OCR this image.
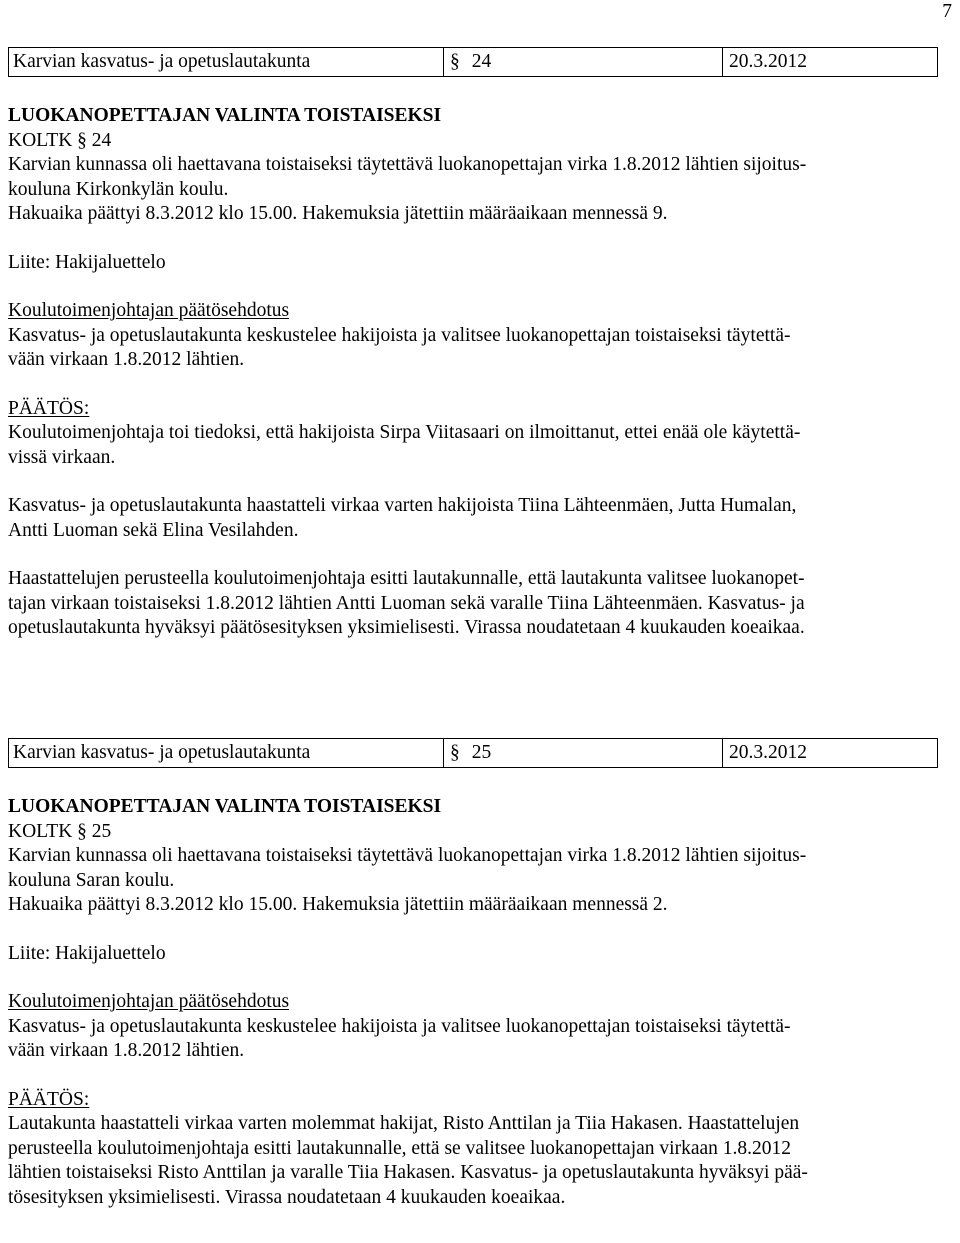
7
Karvian kasvatus- ja opetuslautakunta	§ 24	20.3.2012
LUOKANOPETTAJAN VALINTA TOISTAISEKSI
KOLTK § 24
Karvian kunnassa oli haettavana toistaiseksi täytettävä luokanopettajan virka 1.8.2012 lähtien sijoitus-
kouluna Kirkonkylän koulu.
Hakuaika päättyi 8.3.2012 klo 15.00. Hakemuksia jätettiin määräaikaan mennessä 9.
Liite: Hakijaluettelo
Koulutoimenjohtajan päätösehdotus
Kasvatus- ja opetuslautakunta keskustelee hakijoista ja valitsee luokanopettajan toistaiseksi täytettä-
vään virkaan 1.8.2012 lähtien.
PÄÄTÖS:
Koulutoimenjohtaja toi tiedoksi, että hakijoista Sirpa Viitasaari on ilmoittanut, ettei enää ole käytettä-
vissä virkaan.
Kasvatus- ja opetuslautakunta haastatteli virkaa varten hakijoista Tiina Lähteenmäen, Jutta Humalan,
Antti Luoman sekä Elina Vesilahden.
Haastattelujen perusteella koulutoimenjohtaja esitti lautakunnalle, että lautakunta valitsee luokanopet-
tajan virkaan toistaiseksi 1.8.2012 lähtien Antti Luoman sekä varalle Tiina Lähteenmäen. Kasvatus- ja
opetuslautakunta hyväksyi päätösesityksen yksimielisesti. Virassa noudatetaan 4 kuukauden koeaikaa.
Karvian kasvatus- ja opetuslautakunta	§ 25	20.3.2012
LUOKANOPETTAJAN VALINTA TOISTAISEKSI
KOLTK § 25
Karvian kunnassa oli haettavana toistaiseksi täytettävä luokanopettajan virka 1.8.2012 lähtien sijoitus-
kouluna Saran koulu.
Hakuaika päättyi 8.3.2012 klo 15.00. Hakemuksia jätettiin määräaikaan mennessä 2.
Liite: Hakijaluettelo
Koulutoimenjohtajan päätösehdotus
Kasvatus- ja opetuslautakunta keskustelee hakijoista ja valitsee luokanopettajan toistaiseksi täytettä-
vään virkaan 1.8.2012 lähtien.
PÄÄTÖS:
Lautakunta haastatteli virkaa varten molemmat hakijat, Risto Anttilan ja Tiia Hakasen. Haastattelujen
perusteella koulutoimenjohtaja esitti lautakunnalle, että se valitsee luokanopettajan virkaan 1.8.2012
lähtien toistaiseksi Risto Anttilan ja varalle Tiia Hakasen. Kasvatus- ja opetuslautakunta hyväksyi pää-
tösesityksen yksimielisesti. Virassa noudatetaan 4 kuukauden koeaikaa.
